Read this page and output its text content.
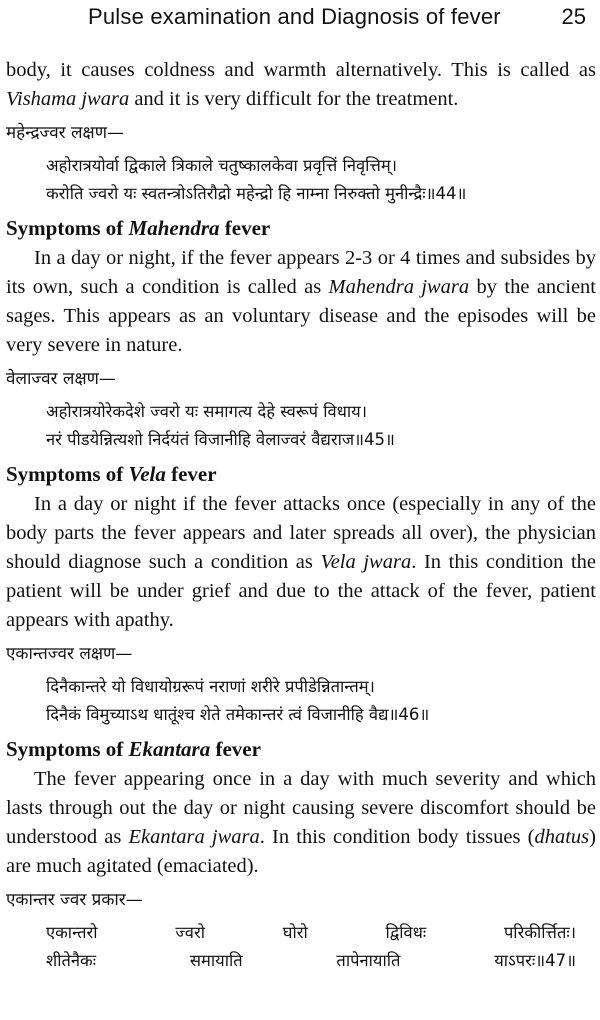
Pulse examination and Diagnosis of fever	25

body, it causes coldness and warmth alternatively. This is called as Vishama jwara and it is very difficult for the treatment.

महेन्द्रज्वर लक्षण—
अहोरात्रयोर्वा द्विकाले त्रिकाले चतुष्कालकेवा प्रवृत्तिं निवृत्तिम्।
करोति ज्वरो यः स्वतन्त्रोऽतिरौद्रो महेन्द्रो हि नाम्ना निरुक्तो मुनीन्द्रैः॥44॥
Symptoms of Mahendra fever

In a day or night, if the fever appears 2-3 or 4 times and subsides by its own, such a condition is called as Mahendra jwara by the ancient sages. This appears as an voluntary disease and the episodes will be very severe in nature.

वेलाज्वर लक्षण—
अहोरात्रयोरेकदेशे ज्वरो यः समागत्य देहे स्वरूपं विधाय।
नरं पीडयेन्नित्यशो निर्दयंतं विजानीहि वेलाज्वरं वैद्यराज॥45॥
Symptoms of Vela fever

In a day or night if the fever attacks once (especially in any of the body parts the fever appears and later spreads all over), the physician should diagnose such a condition as Vela jwara. In this condition the patient will be under grief and due to the attack of the fever, patient appears with apathy.

एकान्तज्वर लक्षण—
दिनैकान्तरे यो विधायोग्ररूपं नराणां शरीरे प्रपीडेन्नितान्तम्।
दिनैकं विमुच्याऽथ धातूंश्च शेते तमेकान्तरं त्वं विजानीहि वैद्य॥46॥
Symptoms of Ekantara fever

The fever appearing once in a day with much severity and which lasts through out the day or night causing severe discomfort should be understood as Ekantara jwara. In this condition body tissues (dhatus) are much agitated (emaciated).

एकान्तर ज्वर प्रकार—
एकान्तरो	ज्वरो	घोरो	द्विविधः	परिकीर्त्तितः।
शीतेनैकः	समायाति	तापेनायाति	याऽपरः॥47॥
